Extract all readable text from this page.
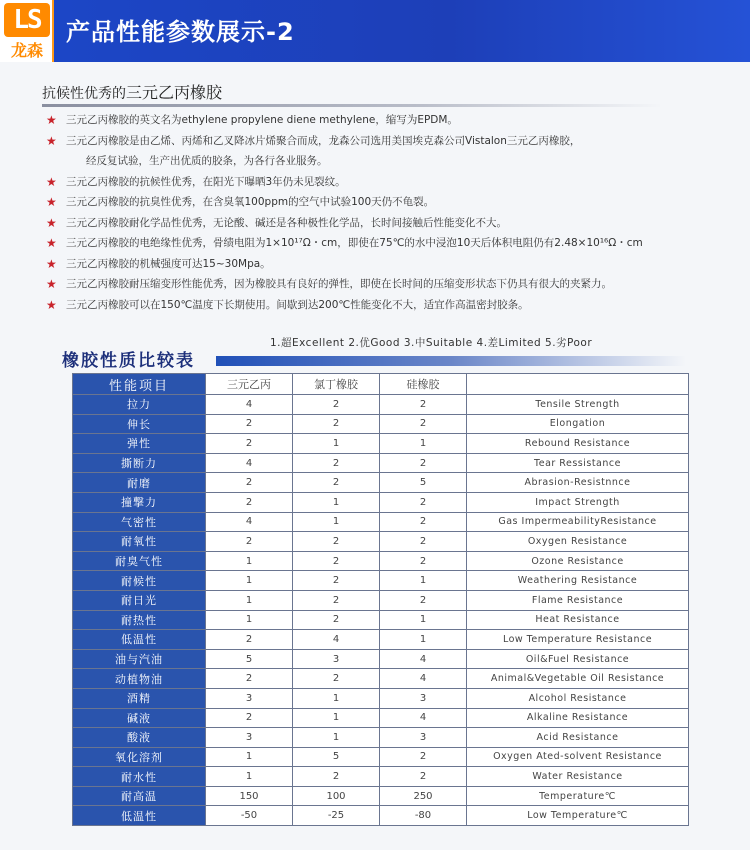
LS
龙森
产品性能参数展示-2
抗候性优秀的三元乙丙橡胶
★ 三元乙丙橡胶的英文名为ethylene propylene diene methylene，缩写为EPDM。
★ 三元乙丙橡胶是由乙烯、丙烯和乙叉降冰片烯聚合而成，龙森公司选用美国埃克森公司Vistalon三元乙丙橡胶，
经反复试验，生产出优质的胶条，为各行各业服务。
★ 三元乙丙橡胶的抗候性优秀，在阳光下曝晒3年仍未见裂纹。
★ 三元乙丙橡胶的抗臭性优秀，在含臭氧100ppm的空气中试验100天仍不龟裂。
★ 三元乙丙橡胶耐化学品性优秀，无论酸、碱还是各种极性化学品，长时间接触后性能变化不大。
★ 三元乙丙橡胶的电绝缘性优秀，骨绩电阻为1×10¹⁷Ω・cm，即使在75℃的水中浸泡10天后体积电阻仍有2.48×10¹⁶Ω・cm
★ 三元乙丙橡胶的机械强度可达15~30Mpa。
★ 三元乙丙橡胶耐压缩变形性能优秀，因为橡胶具有良好的弹性，即使在长时间的压缩变形状态下仍具有很大的夹紧力。
★ 三元乙丙橡胶可以在150℃温度下长期使用。间歇到达200℃性能变化不大，适宜作高温密封胶条。
1.超Excellent 2.优Good 3.中Suitable 4.差Limited 5.劣Poor
橡胶性质比较表
性能项目	三元乙丙	氯丁橡胶	硅橡胶	
拉力	4	2	2	Tensile Strength
伸长	2	2	2	Elongation
弹性	2	1	1	Rebound Resistance
撕断力	4	2	2	Tear Ressistance
耐磨	2	2	5	Abrasion-Resistnnce
撞撃力	2	1	2	Impact Strength
气密性	4	1	2	Gas ImpermeabilityResistance
耐氧性	2	2	2	Oxygen Resistance
耐臭气性	1	2	2	Ozone Resistance
耐候性	1	2	1	Weathering Resistance
耐日光	1	2	2	Flame Resistance
耐热性	1	2	1	Heat Resistance
低温性	2	4	1	Low Temperature Resistance
油与汽油	5	3	4	Oil&Fuel Resistance
动植物油	2	2	4	Animal&Vegetable Oil Resistance
酒精	3	1	3	Alcohol Resistance
碱液	2	1	4	Alkaline Resistance
酸液	3	1	3	Acid Resistance
氧化溶剂	1	5	2	Oxygen Ated-solvent Resistance
耐水性	1	2	2	Water Resistance
耐高温	150	100	250	Temperature℃
低温性	-50	-25	-80	Low Temperature℃
